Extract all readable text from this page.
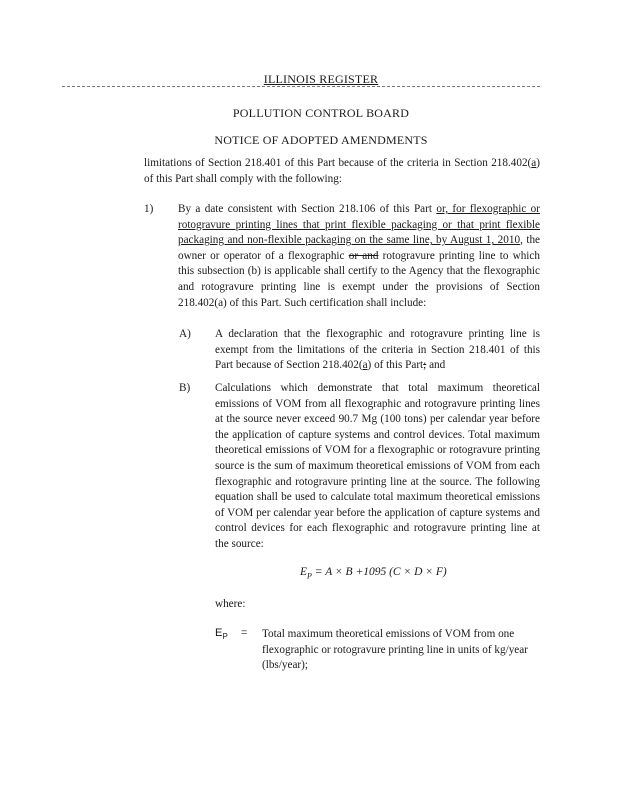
ILLINOIS REGISTER
POLLUTION CONTROL BOARD
NOTICE OF ADOPTED AMENDMENTS
limitations of Section 218.401 of this Part because of the criteria in Section 218.402(a) of this Part shall comply with the following:
1) By a date consistent with Section 218.106 of this Part or, for flexographic or rotogravure printing lines that print flexible packaging or that print flexible packaging and non-flexible packaging on the same line, by August 1, 2010, the owner or operator of a flexographic or and rotogravure printing line to which this subsection (b) is applicable shall certify to the Agency that the flexographic and rotogravure printing line is exempt under the provisions of Section 218.402(a) of this Part. Such certification shall include:
A) A declaration that the flexographic and rotogravure printing line is exempt from the limitations of the criteria in Section 218.401 of this Part because of Section 218.402(a) of this Part; and
B) Calculations which demonstrate that total maximum theoretical emissions of VOM from all flexographic and rotogravure printing lines at the source never exceed 90.7 Mg (100 tons) per calendar year before the application of capture systems and control devices. Total maximum theoretical emissions of VOM for a flexographic or rotogravure printing source is the sum of maximum theoretical emissions of VOM from each flexographic and rotogravure printing line at the source. The following equation shall be used to calculate total maximum theoretical emissions of VOM per calendar year before the application of capture systems and control devices for each flexographic and rotogravure printing line at the source:
$E_P = A \times B +1095$ (C × D × F)
where:
$E_P$ = Total maximum theoretical emissions of VOM from one flexographic or rotogravure printing line in units of kg/year (lbs/year);
